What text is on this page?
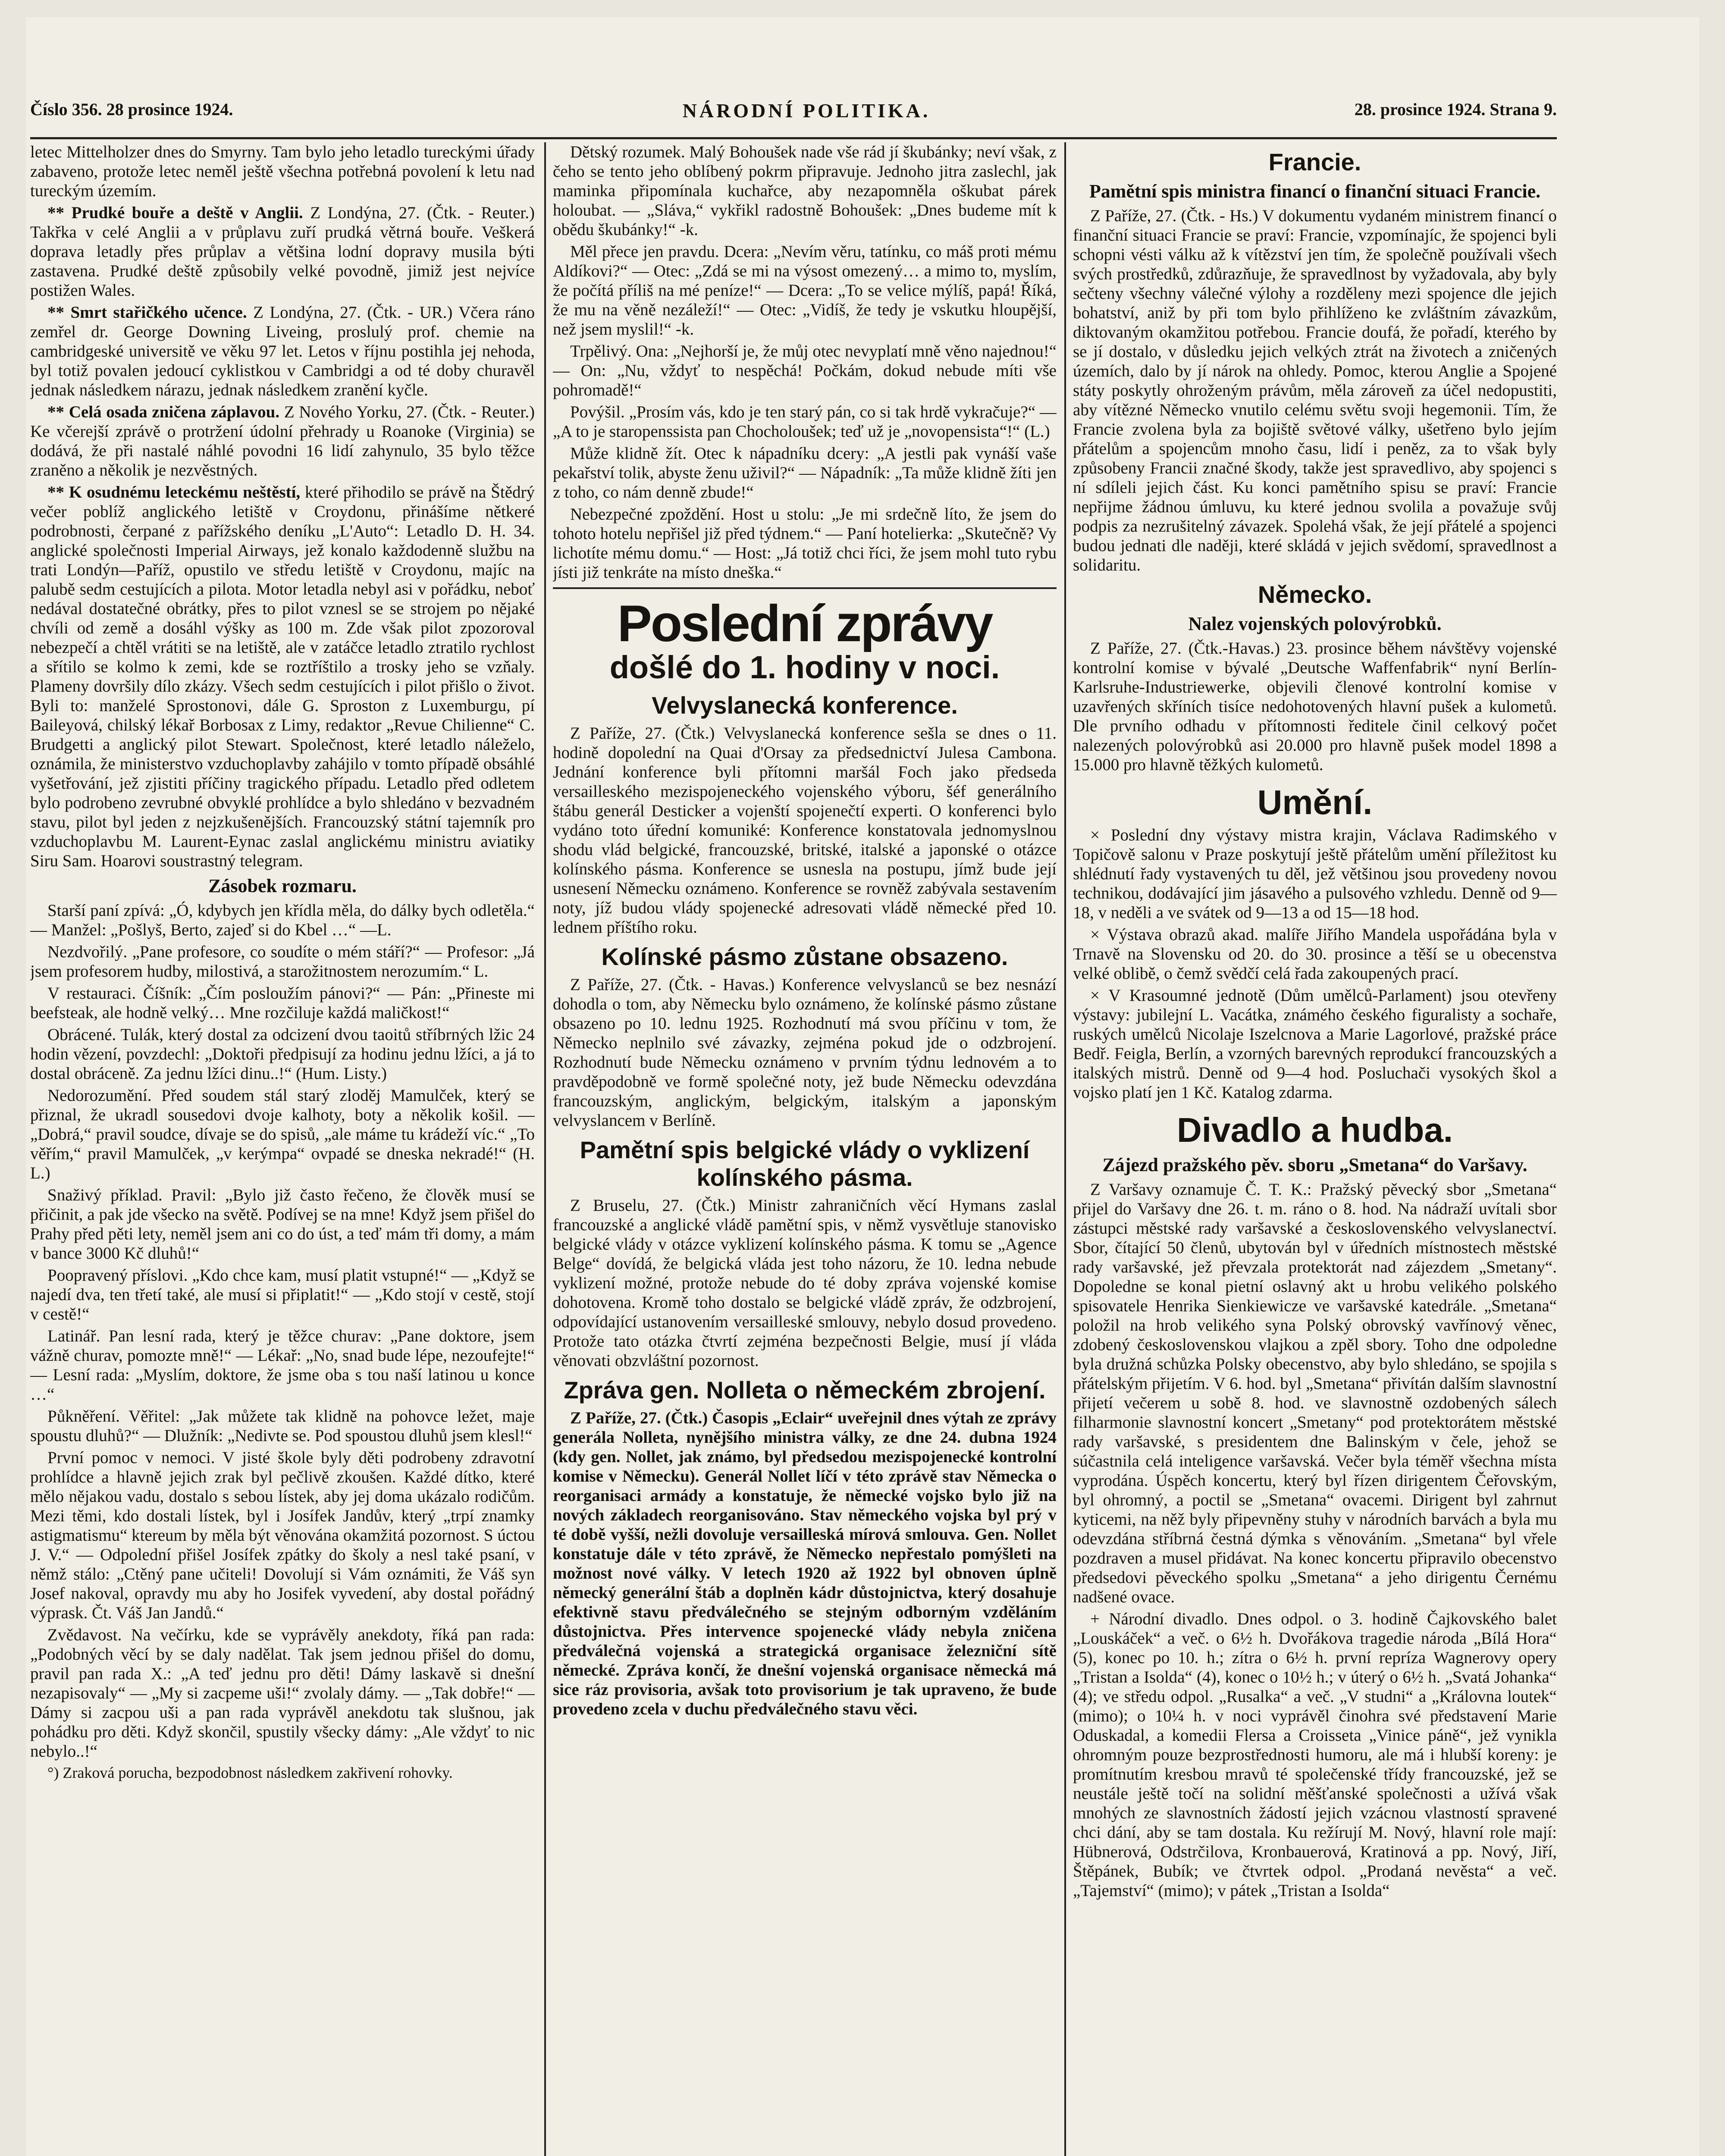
Číslo 356. 28 prosince 1924.	NÁRODNÍ POLITIKA.	28. prosince 1924. Strana 9.

letec Mittelholzer dnes do Smyrny. Tam bylo jeho letadlo tureckými úřady zabaveno, protože letec neměl ještě všechna potřebná povolení k letu nad tureckým územím.

** Prudké bouře a deště v Anglii. Z Londýna, 27. (Čtk. - Reuter.) Takřka v celé Anglii a v průplavu zuří prudká větrná bouře. Veškerá doprava letadly přes průplav a většina lodní dopravy musila býti zastavena. Prudké deště způsobily velké povodně, jimiž jest nejvíce postižen Wales.

** Smrt stařičkého učence. Z Londýna, 27. (Čtk. - UR.) Včera ráno zemřel dr. George Downing Liveing, proslulý prof. chemie na cambridgeské universitě ve věku 97 let. Letos v říjnu postihla jej nehoda, byl totiž povalen jedoucí cyklistkou v Cambridgi a od té doby churavěl jednak následkem nárazu, jednak následkem zranění kyčle.

** Celá osada zničena záplavou. Z Nového Yorku, 27. (Čtk. - Reuter.) Ke včerejší zprávě o protržení údolní přehrady u Roanoke (Virginia) se dodává, že při nastalé náhlé povodni 16 lidí zahynulo, 35 bylo těžce zraněno a několik je nezvěstných.

** K osudnému leteckému neštěstí, které přihodilo se právě na Štědrý večer poblíž anglického letiště v Croydonu, přinášíme nětkeré podrobnosti, čerpané z pařížského deníku „L'Auto“: Letadlo D. H. 34. anglické společnosti Imperial Airways, jež konalo každodenně službu na trati Londýn—Paříž, opustilo ve středu letiště v Croydonu, majíc na palubě sedm cestujících a pilota. Motor letadla nebyl asi v pořádku, neboť nedával dostatečné obrátky, přes to pilot vznesl se se strojem po nějaké chvíli od země a dosáhl výšky as 100 m. Zde však pilot zpozoroval nebezpečí a chtěl vrátiti se na letiště, ale v zatáčce letadlo ztratilo rychlost a sřítilo se kolmo k zemi, kde se roztříštilo a trosky jeho se vzňaly. Plameny dovršily dílo zkázy. Všech sedm cestujících i pilot přišlo o život. Byli to: manželé Sprostonovi, dále G. Sproston z Luxemburgu, pí Baileyová, chilský lékař Borbosax z Limy, redaktor „Revue Chilienne“ C. Brudgetti a anglický pilot Stewart. Společnost, které letadlo náleželo, oznámila, že ministerstvo vzduchoplavby zahájilo v tomto případě obsáhlé vyšetřování, jež zjistiti příčiny tragického případu. Letadlo před odletem bylo podrobeno zevrubné obvyklé prohlídce a bylo shledáno v bezvadném stavu, pilot byl jeden z nejzkušenějších. Francouzský státní tajemník pro vzduchoplavbu M. Laurent-Eynac zaslal anglickému ministru aviatiky Siru Sam. Hoarovi soustrastný telegram.

Zásobek rozmaru.

Starší paní zpívá: „Ó, kdybych jen křídla měla, do dálky bych odletěla.“ — Manžel: „Pošlyš, Berto, zajeď si do Kbel …“ —L.

Nezdvořilý. „Pane profesore, co soudíte o mém stáří?“ — Profesor: „Já jsem profesorem hudby, milostivá, a starožitnostem nerozumím.“ L.

V restauraci. Číšník: „Čím posloužím pánovi?“ — Pán: „Přineste mi beefsteak, ale hodně velký… Mne rozčiluje každá maličkost!“

Obrácené. Tulák, který dostal za odcizení dvou taoitů stříbrných lžic 24 hodin vězení, povzdechl: „Doktoři předpisují za hodinu jednu lžíci, a já to dostal obráceně. Za jednu lžíci dinu..!“ (Hum. Listy.)

Nedorozumění. Před soudem stál starý zloděj Mamulček, který se přiznal, že ukradl sousedovi dvoje kalhoty, boty a několik košil. — „Dobrá,“ pravil soudce, dívaje se do spisů, „ale máme tu krádeží víc.“ „To věřím,“ pravil Mamulček, „v kerýmpa“ ovpadé se dneska nekradé!“ (H. L.)

Snaživý příklad. Pravil: „Bylo již často řečeno, že člověk musí se přičinit, a pak jde všecko na světě. Podívej se na mne! Když jsem přišel do Prahy před pěti lety, neměl jsem ani co do úst, a teď mám tři domy, a mám v bance 3000 Kč dluhů!“

Poopravený příslovi. „Kdo chce kam, musí platit vstupné!“ — „Když se najedí dva, ten třetí také, ale musí si připlatit!“ — „Kdo stojí v cestě, stojí v cestě!“

Latinář. Pan lesní rada, který je těžce churav: „Pane doktore, jsem vážně churav, pomozte mně!“ — Lékař: „No, snad bude lépe, nezoufejte!“ — Lesní rada: „Myslím, doktore, že jsme oba s tou naší latinou u konce …“

Půkněření. Věřitel: „Jak můžete tak klidně na pohovce ležet, maje spoustu dluhů?“ — Dlužník: „Nedivte se. Pod spoustou dluhů jsem klesl!“

První pomoc v nemoci. V jisté škole byly děti podrobeny zdravotní prohlídce a hlavně jejich zrak byl pečlivě zkoušen. Každé dítko, které mělo nějakou vadu, dostalo s sebou lístek, aby jej doma ukázalo rodičům. Mezi těmi, kdo dostali lístek, byl i Josífek Jandův, který „trpí znamky astigmatismu“ ktereum by měla být věnována okamžitá pozornost. S úctou J. V.“ — Odpolední přišel Josífek zpátky do školy a nesl také psaní, v němž stálo: „Ctěný pane učiteli! Dovolují si Vám oznámiti, že Váš syn Josef nakoval, opravdy mu aby ho Josifek vyvedení, aby dostal pořádný výprask. Čt. Váš Jan Jandů.“

Zvědavost. Na večírku, kde se vyprávěly anekdoty, říká pan rada: „Podobných věcí by se daly nadělat. Tak jsem jednou přišel do domu, pravil pan rada X.: „A teď jednu pro děti! Dámy laskavě si dnešní nezapisovaly“ — „My si zacpeme uši!“ zvolaly dámy. — „Tak dobře!“ — Dámy si zacpou uši a pan rada vyprávěl anekdotu tak slušnou, jak pohádku pro děti. Když skončil, spustily všecky dámy: „Ale vždyť to nic nebylo..!“

°) Zraková porucha, bezpodobnost následkem zakřivení rohovky.

Dětský rozumek. Malý Bohoušek nade vše rád jí škubánky; neví však, z čeho se tento jeho oblíbený pokrm připravuje. Jednoho jitra zaslechl, jak maminka připomínala kuchařce, aby nezapomněla oškubat párek holoubat. — „Sláva,“ vykřikl radostně Bohoušek: „Dnes budeme mít k obědu škubánky!“ -k.

Měl přece jen pravdu. Dcera: „Nevím věru, tatínku, co máš proti mému Aldíkovi?“ — Otec: „Zdá se mi na výsost omezený… a mimo to, myslím, že počítá příliš na mé peníze!“ — Dcera: „To se velice mýlíš, papá! Říká, že mu na věně nezáleží!“ — Otec: „Vidíš, že tedy je vskutku hloupější, než jsem myslil!“ -k.

Trpělivý. Ona: „Nejhorší je, že můj otec nevyplatí mně věno najednou!“ — On: „Nu, vždyť to nespěchá! Počkám, dokud nebude míti vše pohromadě!“

Povýšil. „Prosím vás, kdo je ten starý pán, co si tak hrdě vykračuje?“ — „A to je staropenssista pan Chocholoušek; teď už je „novopensista“!“ (L.)

Může klidně žít. Otec k nápadníku dcery: „A jestli pak vynáší vaše pekařství tolik, abyste ženu uživil?“ — Nápadník: „Ta může klidně žíti jen z toho, co nám denně zbude!“

Nebezpečné zpoždění. Host u stolu: „Je mi srdečně líto, že jsem do tohoto hotelu nepřišel již před týdnem.“ — Paní hotelierka: „Skutečně? Vy lichotíte mému domu.“ — Host: „Já totiž chci říci, že jsem mohl tuto rybu jísti již tenkráte na místo dneška.“

Poslední zprávy
došlé do 1. hodiny v noci.
Velvyslanecká konference.

Z Paříže, 27. (Čtk.) Velvyslanecká konference sešla se dnes o 11. hodině dopolední na Quai d'Orsay za předsednictví Julesa Cambona. Jednání konference byli přítomni maršál Foch jako předseda versailleského mezispojeneckého vojenského výboru, šéf generálního štábu generál Desticker a vojenští spojenečtí experti. O konferenci bylo vydáno toto úřední komuniké: Konference konstatovala jednomyslnou shodu vlád belgické, francouzské, britské, italské a japonské o otázce kolínského pásma. Konference se usnesla na postupu, jímž bude její usnesení Německu oznámeno. Konference se rovněž zabývala sestavením noty, jíž budou vlády spojenecké adresovati vládě německé před 10. lednem příštího roku.

Kolínské pásmo zůstane obsazeno.

Z Paříže, 27. (Čtk. - Havas.) Konference velvyslanců se bez nesnází dohodla o tom, aby Německu bylo oznámeno, že kolínské pásmo zůstane obsazeno po 10. lednu 1925. Rozhodnutí má svou příčinu v tom, že Německo neplnilo své závazky, zejména pokud jde o odzbrojení. Rozhodnutí bude Německu oznámeno v prvním týdnu lednovém a to pravděpodobně ve formě společné noty, jež bude Německu odevzdána francouzským, anglickým, belgickým, italským a japonským velvyslancem v Berlíně.

Pamětní spis belgické vlády o vyklizení kolínského pásma.

Z Bruselu, 27. (Čtk.) Ministr zahraničních věcí Hymans zaslal francouzské a anglické vládě pamětní spis, v němž vysvětluje stanovisko belgické vlády v otázce vyklizení kolínského pásma. K tomu se „Agence Belge“ dovídá, že belgická vláda jest toho názoru, že 10. ledna nebude vyklizení možné, protože nebude do té doby zpráva vojenské komise dohotovena. Kromě toho dostalo se belgické vládě zpráv, že odzbrojení, odpovídající ustanovením versailleské smlouvy, nebylo dosud provedeno. Protože tato otázka čtvrtí zejména bezpečnosti Belgie, musí jí vláda věnovati obzvláštní pozornost.

Zpráva gen. Nolleta o německém zbrojení.

Z Paříže, 27. (Čtk.) Časopis „Eclair“ uveřejnil dnes výtah ze zprávy generála Nolleta, nynějšího ministra války, ze dne 24. dubna 1924 (kdy gen. Nollet, jak známo, byl předsedou mezispojenecké kontrolní komise v Německu). Generál Nollet líčí v této zprávě stav Německa o reorganisaci armády a konstatuje, že německé vojsko bylo již na nových základech reorganisováno. Stav německého vojska byl prý v té době vyšší, nežli dovoluje versailleská mírová smlouva. Gen. Nollet konstatuje dále v této zprávě, že Německo nepřestalo pomýšleti na možnost nové války. V letech 1920 až 1922 byl obnoven úplně německý generální štáb a doplněn kádr důstojnictva, který dosahuje efektivně stavu předválečného se stejným odborným vzděláním důstojnictva. Přes intervence spojenecké vlády nebyla zničena předválečná vojenská a strategická organisace železniční sítě německé. Zpráva končí, že dnešní vojenská organisace německá má sice ráz provisoria, avšak toto provisorium je tak upraveno, že bude provedeno zcela v duchu předválečného stavu věci.

Francie.
Pamětní spis ministra financí o finanční situaci Francie.

Z Paříže, 27. (Čtk. - Hs.) V dokumentu vydaném ministrem financí o finanční situaci Francie se praví: Francie, vzpomínajíc, že spojenci byli schopni vésti válku až k vítězství jen tím, že společně používali všech svých prostředků, zdůrazňuje, že spravedlnost by vyžadovala, aby byly sečteny všechny válečné výlohy a rozděleny mezi spojence dle jejich bohatství, aniž by při tom bylo přihlíženo ke zvláštním závazkům, diktovaným okamžitou potřebou. Francie doufá, že pořadí, kterého by se jí dostalo, v důsledku jejich velkých ztrát na životech a zničených územích, dalo by jí nárok na ohledy. Pomoc, kterou Anglie a Spojené státy poskytly ohroženým právům, měla zároveň za účel nedopustiti, aby vítězné Německo vnutilo celému světu svoji hegemonii. Tím, že Francie zvolena byla za bojiště světové války, ušetřeno bylo jejím přátelům a spojencům mnoho času, lidí i peněz, za to však byly způsobeny Francii značné škody, takže jest spravedlivo, aby spojenci s ní sdíleli jejich část. Ku konci pamětního spisu se praví: Francie nepřijme žádnou úmluvu, ku které jednou svolila a považuje svůj podpis za nezrušitelný závazek. Spolehá však, že její přátelé a spojenci budou jednati dle naději, které skládá v jejich svědomí, spravedlnost a solidaritu.

Německo.
Nalez vojenských polovýrobků.

Z Paříže, 27. (Čtk.-Havas.) 23. prosince během návštěvy vojenské kontrolní komise v bývalé „Deutsche Waffenfabrik“ nyní Berlín-Karlsruhe-Industriewerke, objevili členové kontrolní komise v uzavřených skříních tisíce nedohotovených hlavní pušek a kulometů. Dle prvního odhadu v přítomnosti ředitele činil celkový počet nalezených polovýrobků asi 20.000 pro hlavně pušek model 1898 a 15.000 pro hlavně těžkých kulometů.

Umění.

× Poslední dny výstavy mistra krajin, Václava Radimského v Topičově salonu v Praze poskytují ještě přátelům umění příležitost ku shlédnutí řady vystavených tu děl, jež většinou jsou provedeny novou technikou, dodávající jim jásavého a pulsového vzhledu. Denně od 9—18, v neděli a ve svátek od 9—13 a od 15—18 hod.

× Výstava obrazů akad. malíře Jiřího Mandela uspořádána byla v Trnavě na Slovensku od 20. do 30. prosince a těší se u obecenstva velké oblibě, o čemž svědčí celá řada zakoupených prací.

× V Krasoumné jednotě (Dům umělců-Parlament) jsou otevřeny výstavy: jubilejní L. Vacátka, známého českého figuralisty a sochaře, ruských umělců Nicolaje Iszelcnova a Marie Lagorlové, pražské práce Bedř. Feigla, Berlín, a vzorných barevných reprodukcí francouzských a italských mistrů. Denně od 9—4 hod. Posluchači vysokých škol a vojsko platí jen 1 Kč. Katalog zdarma.

Divadlo a hudba.
Zájezd pražského pěv. sboru „Smetana“ do Varšavy.

Z Varšavy oznamuje Č. T. K.: Pražský pěvecký sbor „Smetana“ přijel do Varšavy dne 26. t. m. ráno o 8. hod. Na nádraží uvítali sbor zástupci městské rady varšavské a československého velvyslanectví. Sbor, čítající 50 členů, ubytován byl v úředních místnostech městské rady varšavské, jež převzala protektorát nad zájezdem „Smetany“. Dopoledne se konal pietní oslavný akt u hrobu velikého polského spisovatele Henrika Sienkiewicze ve varšavské katedrále. „Smetana“ položil na hrob velikého syna Polský obrovský vavřínový věnec, zdobený československou vlajkou a zpěl sbory. Toho dne odpoledne byla družná schůzka Polsky obecenstvo, aby bylo shledáno, se spojila s přátelským přijetím. V 6. hod. byl „Smetana“ přivítán dalším slavnostní přijetí večerem u sobě 8. hod. ve slavnostně ozdobených sálech filharmonie slavnostní koncert „Smetany“ pod protektorátem městské rady varšavské, s presidentem dne Balinským v čele, jehož se súčastnila celá inteligence varšavská. Večer byla téměř všechna místa vyprodána. Úspěch koncertu, který byl řízen dirigentem Čeřovským, byl ohromný, a poctil se „Smetana“ ovacemi. Dirigent byl zahrnut kyticemi, na něž byly připevněny stuhy v národních barvách a byla mu odevzdána stříbrná čestná dýmka s věnováním. „Smetana“ byl vřele pozdraven a musel přidávat. Na konec koncertu připravilo obecenstvo předsedovi pěveckého spolku „Smetana“ a jeho dirigentu Černému nadšené ovace.

+ Národní divadlo. Dnes odpol. o 3. hodině Čajkovského balet „Louskáček“ a več. o 6½ h. Dvořákova tragedie národa „Bílá Hora“ (5), konec po 10. h.; zítra o 6½ h. první repríza Wagnerovy opery „Tristan a Isolda“ (4), konec o 10½ h.; v úterý o 6½ h. „Svatá Johanka“ (4); ve středu odpol. „Rusalka“ a več. „V studni“ a „Královna loutek“ (mimo); o 10¼ h. v noci vyprávěl činohra své představení Marie Oduskadal, a komedii Flersa a Croisseta „Vinice páně“, jež vynikla ohromným pouze bezprostřednosti humoru, ale má i hlubší koreny: je promítnutím kresbou mravů té společenské třídy francouzské, jež se neustále ještě točí na solidní měšťanské společnosti a užívá však mnohých ze slavnostních žádostí jejich vzácnou vlastností spravené chci dání, aby se tam dostala. Ku režírují M. Nový, hlavní role mají: Hübnerová, Odstrčilova, Kronbauerová, Kratinová a pp. Nový, Jiří, Štěpánek, Bubík; ve čtvrtek odpol. „Prodaná nevěsta“ a več. „Tajemství“ (mimo); v pátek „Tristan a Isolda“
